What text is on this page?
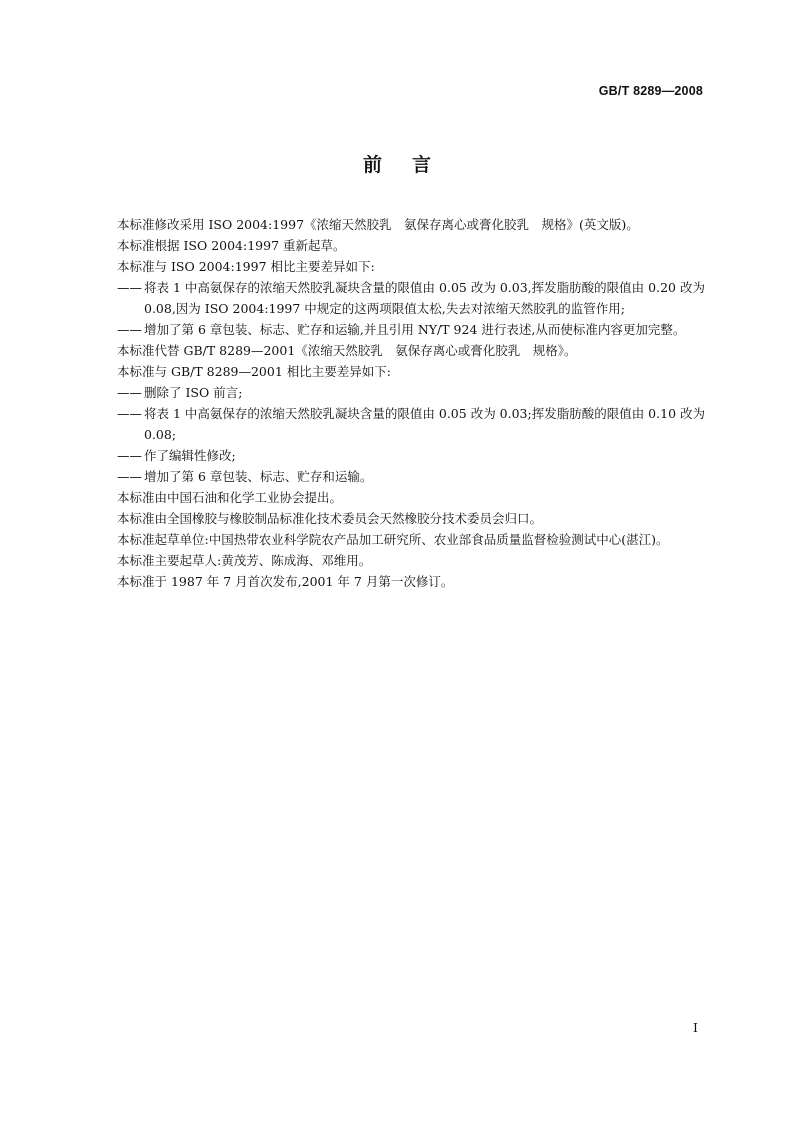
GB/T 8289—2008
前言

本标准修改采用 ISO 2004:1997《浓缩天然胶乳　氨保存离心或膏化胶乳　规格》(英文版)。

本标准根据 ISO 2004:1997 重新起草。

本标准与 ISO 2004:1997 相比主要差异如下:

—— 将表 1 中高氨保存的浓缩天然胶乳凝块含量的限值由 0.05 改为 0.03,挥发脂肪酸的限值由 0.20 改为 0.08,因为 ISO 2004:1997 中规定的这两项限值太松,失去对浓缩天然胶乳的监管作用;
—— 增加了第 6 章包装、标志、贮存和运输,并且引用 NY/T 924 进行表述,从而使标准内容更加完整。

本标准代替 GB/T 8289—2001《浓缩天然胶乳　氨保存离心或膏化胶乳　规格》。

本标准与 GB/T 8289—2001 相比主要差异如下:

—— 删除了 ISO 前言;
—— 将表 1 中高氨保存的浓缩天然胶乳凝块含量的限值由 0.05 改为 0.03;挥发脂肪酸的限值由 0.10 改为 0.08;
—— 作了编辑性修改;
—— 增加了第 6 章包装、标志、贮存和运输。

本标准由中国石油和化学工业协会提出。

本标准由全国橡胶与橡胶制品标准化技术委员会天然橡胶分技术委员会归口。

本标准起草单位:中国热带农业科学院农产品加工研究所、农业部食品质量监督检验测试中心(湛江)。

本标准主要起草人:黄茂芳、陈成海、邓维用。

本标准于 1987 年 7 月首次发布,2001 年 7 月第一次修订。

I
